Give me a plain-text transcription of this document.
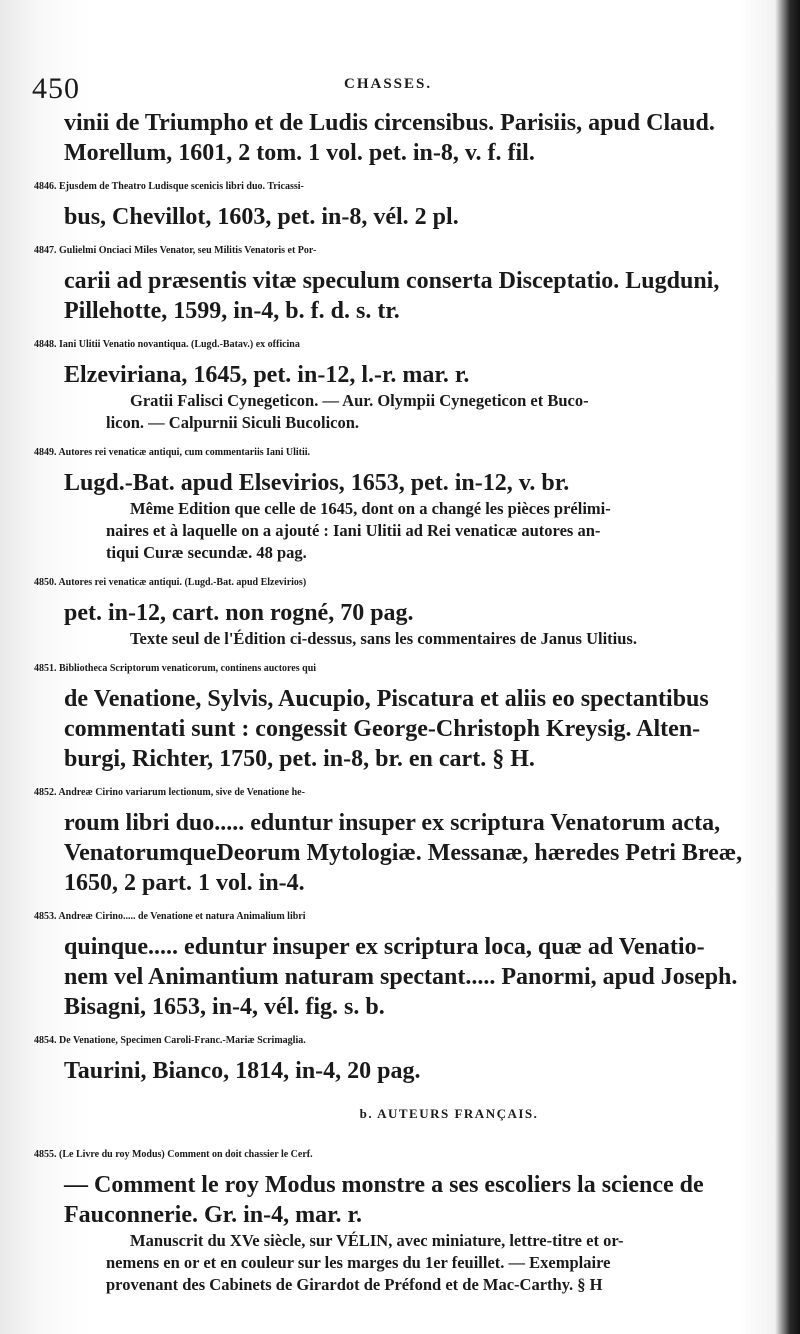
450	CHASSES.
vinii de Triumpho et de Ludis circensibus. Parisiis, apud Claud.
Morellum, 1601, 2 tom. 1 vol. pet. in-8, v. f. fil.
4846. Ejusdem de Theatro Ludisque scenicis libri duo. Tricassi-
bus, Chevillot, 1603, pet. in-8, vél. 2 pl.
4847. Gulielmi Onciaci Miles Venator, seu Militis Venatoris et Por-
carii ad præsentis vitæ speculum conserta Disceptatio. Lugduni,
Pillehotte, 1599, in-4, b. f. d. s. tr.
4848. Iani Ulitii Venatio novantiqua. (Lugd.-Batav.) ex officina
Elzeviriana, 1645, pet. in-12, l.-r. mar. r.
Gratii Falisci Cynegeticon. — Aur. Olympii Cynegeticon et Buco-
licon. — Calpurnii Siculi Bucolicon.
4849. Autores rei venaticæ antiqui, cum commentariis Iani Ulitii.
Lugd.-Bat. apud Elsevirios, 1653, pet. in-12, v. br.
Même Edition que celle de 1645, dont on a changé les pièces prélimi-
naires et à laquelle on a ajouté : Iani Ulitii ad Rei venaticæ autores an-
tiqui Curæ secundæ. 48 pag.
4850. Autores rei venaticæ antiqui. (Lugd.-Bat. apud Elzevirios)
pet. in-12, cart. non rogné, 70 pag.
Texte seul de l'Édition ci-dessus, sans les commentaires de Janus Ulitius.
4851. Bibliotheca Scriptorum venaticorum, continens auctores qui
de Venatione, Sylvis, Aucupio, Piscatura et aliis eo spectantibus
commentati sunt : congessit George-Christoph Kreysig. Alten-
burgi, Richter, 1750, pet. in-8, br. en cart. § H.
4852. Andreæ Cirino variarum lectionum, sive de Venatione he-
roum libri duo..... eduntur insuper ex scriptura Venatorum acta,
VenatorumqueDeorum Mytologiæ. Messanæ, hæredes Petri Breæ,
1650, 2 part. 1 vol. in-4.
4853. Andreæ Cirino..... de Venatione et natura Animalium libri
quinque..... eduntur insuper ex scriptura loca, quæ ad Venatio-
nem vel Animantium naturam spectant..... Panormi, apud Joseph.
Bisagni, 1653, in-4, vél. fig. s. b.
4854. De Venatione, Specimen Caroli-Franc.-Mariæ Scrimaglia.
Taurini, Bianco, 1814, in-4, 20 pag.
b. AUTEURS FRANÇAIS.
4855. (Le Livre du roy Modus) Comment on doit chassier le Cerf.
— Comment le roy Modus monstre a ses escoliers la science de
Fauconnerie. Gr. in-4, mar. r.
Manuscrit du XVe siècle, sur VÉLIN, avec miniature, lettre-titre et or-
nemens en or et en couleur sur les marges du 1er feuillet. — Exemplaire
provenant des Cabinets de Girardot de Préfond et de Mac-Carthy. § H
